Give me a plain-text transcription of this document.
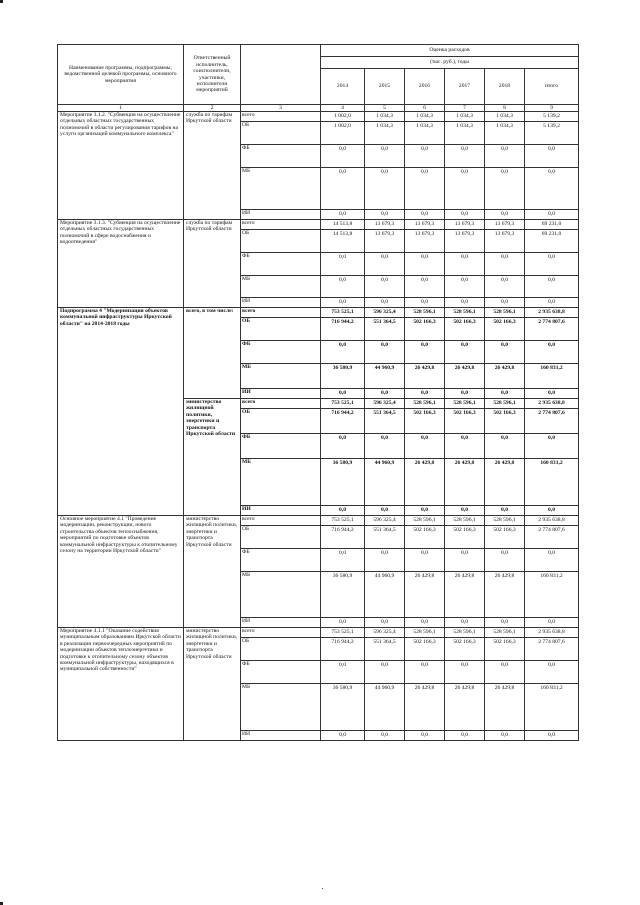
Наименование программы, подпрограммы, ведомственной целевой программы, основного мероприятия	Ответственный исполнитель, соисполнители, участники, исполнители мероприятий		Оценка расходов					
			(тыс. руб.), годы					
			2014	2015	2016	2017	2018	итого
1	2	3	4	5	6	7	8	9
Мероприятие 3.1.2. "Субвенция на осуществление отдельных областных государственных полномочий в области регулирования тарифов на услуги организаций коммунального комплекса"	служба по тарифам Иркутской области	всего	1 002,0	1 034,3	1 034,3	1 034,3	1 034,3	5 139,2
		ОБ	1 002,0	1 034,3	1 034,3	1 034,3	1 034,3	5 139,2
		ФБ	0,0	0,0	0,0	0,0	0,0	0,0
		МБ	0,0	0,0	0,0	0,0	0,0	0,0
		ИИ	0,0	0,0	0,0	0,0	0,0	0,0
Мероприятие 3.1.3. "Субвенция на осуществление отдельных областных государственных полномочий в сфере водоснабжения и водоотведения"	служба по тарифам Иркутской области	всего	14 513,8	13 679,3	13 679,3	13 679,3	13 679,3	69 231,0
		ОБ	14 513,8	13 679,3	13 679,3	13 679,3	13 679,3	69 231,0
		ФБ	0,0	0,0	0,0	0,0	0,0	0,0
		МБ	0,0	0,0	0,0	0,0	0,0	0,0
		ИИ	0,0	0,0	0,0	0,0	0,0	0,0
Подпрограмма 4 "Модернизация объектов коммунальной инфраструктуры Иркутской области" на 2014-2018 годы	всего, в том числе:	всего	753 525,1	596 325,4	528 596,1	528 596,1	528 596,1	2 935 638,8
		ОБ	716 944,2	551 364,5	502 166,3	502 166,3	502 166,3	2 774 807,6
		ФБ	0,0	0,0	0,0	0,0	0,0	0,0
		МБ	36 580,9	44 960,9	26 429,8	26 429,8	26 429,8	160 831,2
		ИИ	0,0	0,0	0,0	0,0	0,0	0,0
	министерство жилищной политики, энергетики и транспорта Иркутской области	всего	753 525,1	596 325,4	528 596,1	528 596,1	528 596,1	2 935 638,8
		ОБ	716 944,2	551 364,5	502 166,3	502 166,3	502 166,3	2 774 807,6
		ФБ	0,0	0,0	0,0	0,0	0,0	0,0
		МБ	36 580,9	44 960,9	26 429,8	26 429,8	26 429,8	160 831,2
		ИИ	0,0	0,0	0,0	0,0	0,0	0,0
Основное мероприятие 4.1 "Проведение модернизации, реконструкции, нового строительства объектов теплоснабжения, мероприятий по подготовке объектов коммунальной инфраструктуры к отопительному сезону на территории Иркутской области"	министерство жилищной политики, энергетики и транспорта Иркутской области	всего	753 525,1	596 325,4	528 596,1	528 596,1	528 596,1	2 935 638,8
		ОБ	716 944,2	551 364,5	502 166,3	502 166,3	502 166,3	2 774 807,6
		ФБ	0,0	0,0	0,0	0,0	0,0	0,0
		МБ	36 580,9	44 960,9	26 429,8	26 429,8	26 429,8	160 831,2
		ИИ	0,0	0,0	0,0	0,0	0,0	0,0
Мероприятие 4.1.1 "Оказание содействия муниципальным образованиям Иркутской области в реализации первоочередных мероприятий по модернизации объектов теплоэнергетики и подготовке к отопительному сезону объектов коммунальной инфраструктуры, находящихся в муниципальной собственности"	министерство жилищной политики, энергетики и транспорта Иркутской области	всего	753 525,1	596 325,4	528 596,1	528 596,1	528 596,1	2 935 638,8
		ОБ	716 944,2	551 364,5	502 166,3	502 166,3	502 166,3	2 774 807,6
		ФБ	0,0	0,0	0,0	0,0	0,0	0,0
		МБ	36 580,9	44 960,9	26 429,8	26 429,8	26 429,8	160 831,2
		ИИ	0,0	0,0	0,0	0,0	0,0	0,0
